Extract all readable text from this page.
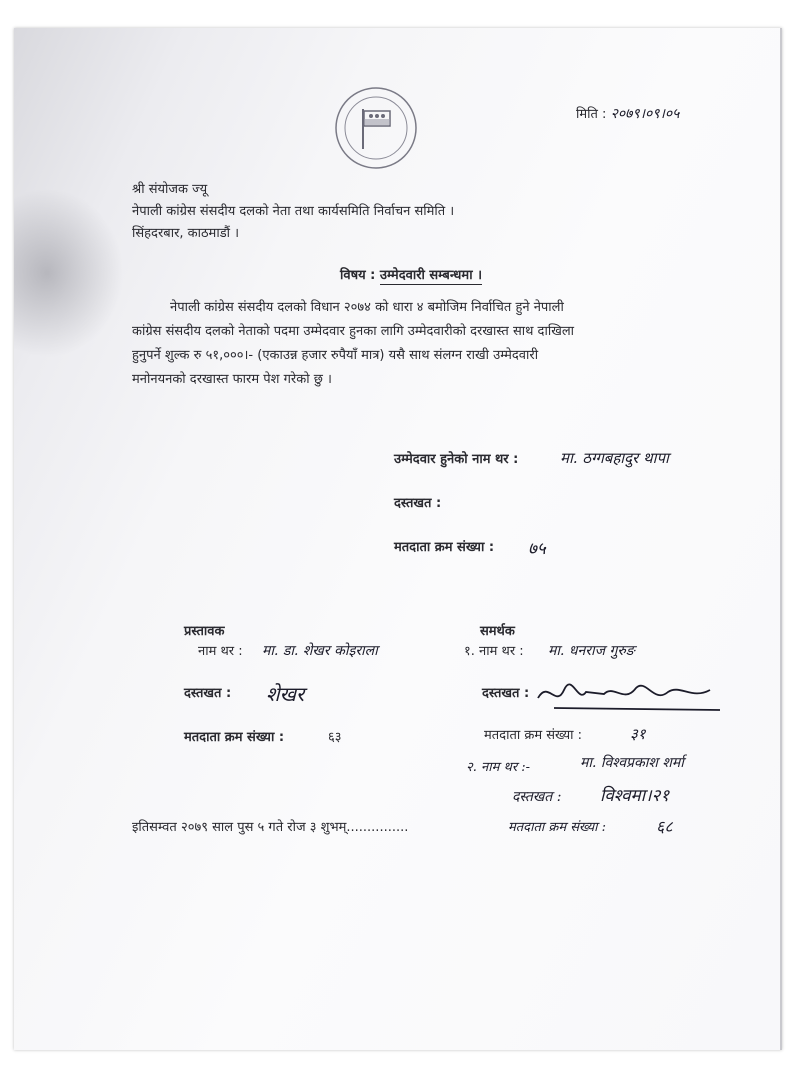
मिति : २०७९।०९।०५
श्री संयोजक ज्यू
नेपाली कांग्रेस संसदीय दलको नेता तथा कार्यसमिति निर्वाचन समिति ।
सिंहदरबार, काठमाडौं ।
विषय : उम्मेदवारी सम्बन्धमा ।
नेपाली कांग्रेस संसदीय दलको विधान २०७४ को धारा ४ बमोजिम निर्वाचित हुने नेपाली
कांग्रेस संसदीय दलको नेताको पदमा उम्मेदवार हुनका लागि उम्मेदवारीको दरखास्त साथ दाखिला
हुनुपर्ने शुल्क रु ५१,०००।- (एकाउन्न हजार रुपैयाँ मात्र) यसै साथ संलग्न राखी उम्मेदवारी
मनोनयनको दरखास्त फारम पेश गरेको छु ।
उम्मेदवार हुनेको नाम थर :	मा. ठग्गबहादुर थापा
दस्तखत :
मतदाता क्रम संख्या : ७५
प्रस्तावक
नाम थर : मा. डा. शेखर कोइराला
दस्तखत : शेखर
मतदाता क्रम संख्या :	६३
समर्थक
१. नाम थर : मा. धनराज गुरुङ
दस्तखत :
मतदाता क्रम संख्या :	३१
२. नाम थर :-	मा. विश्वप्रकाश शर्मा
दस्तखत : विश्वमा।२१
इतिसम्वत २०७९ साल पुस ५ गते रोज ३ शुभम्...............	मतदाता क्रम संख्या :	६८
